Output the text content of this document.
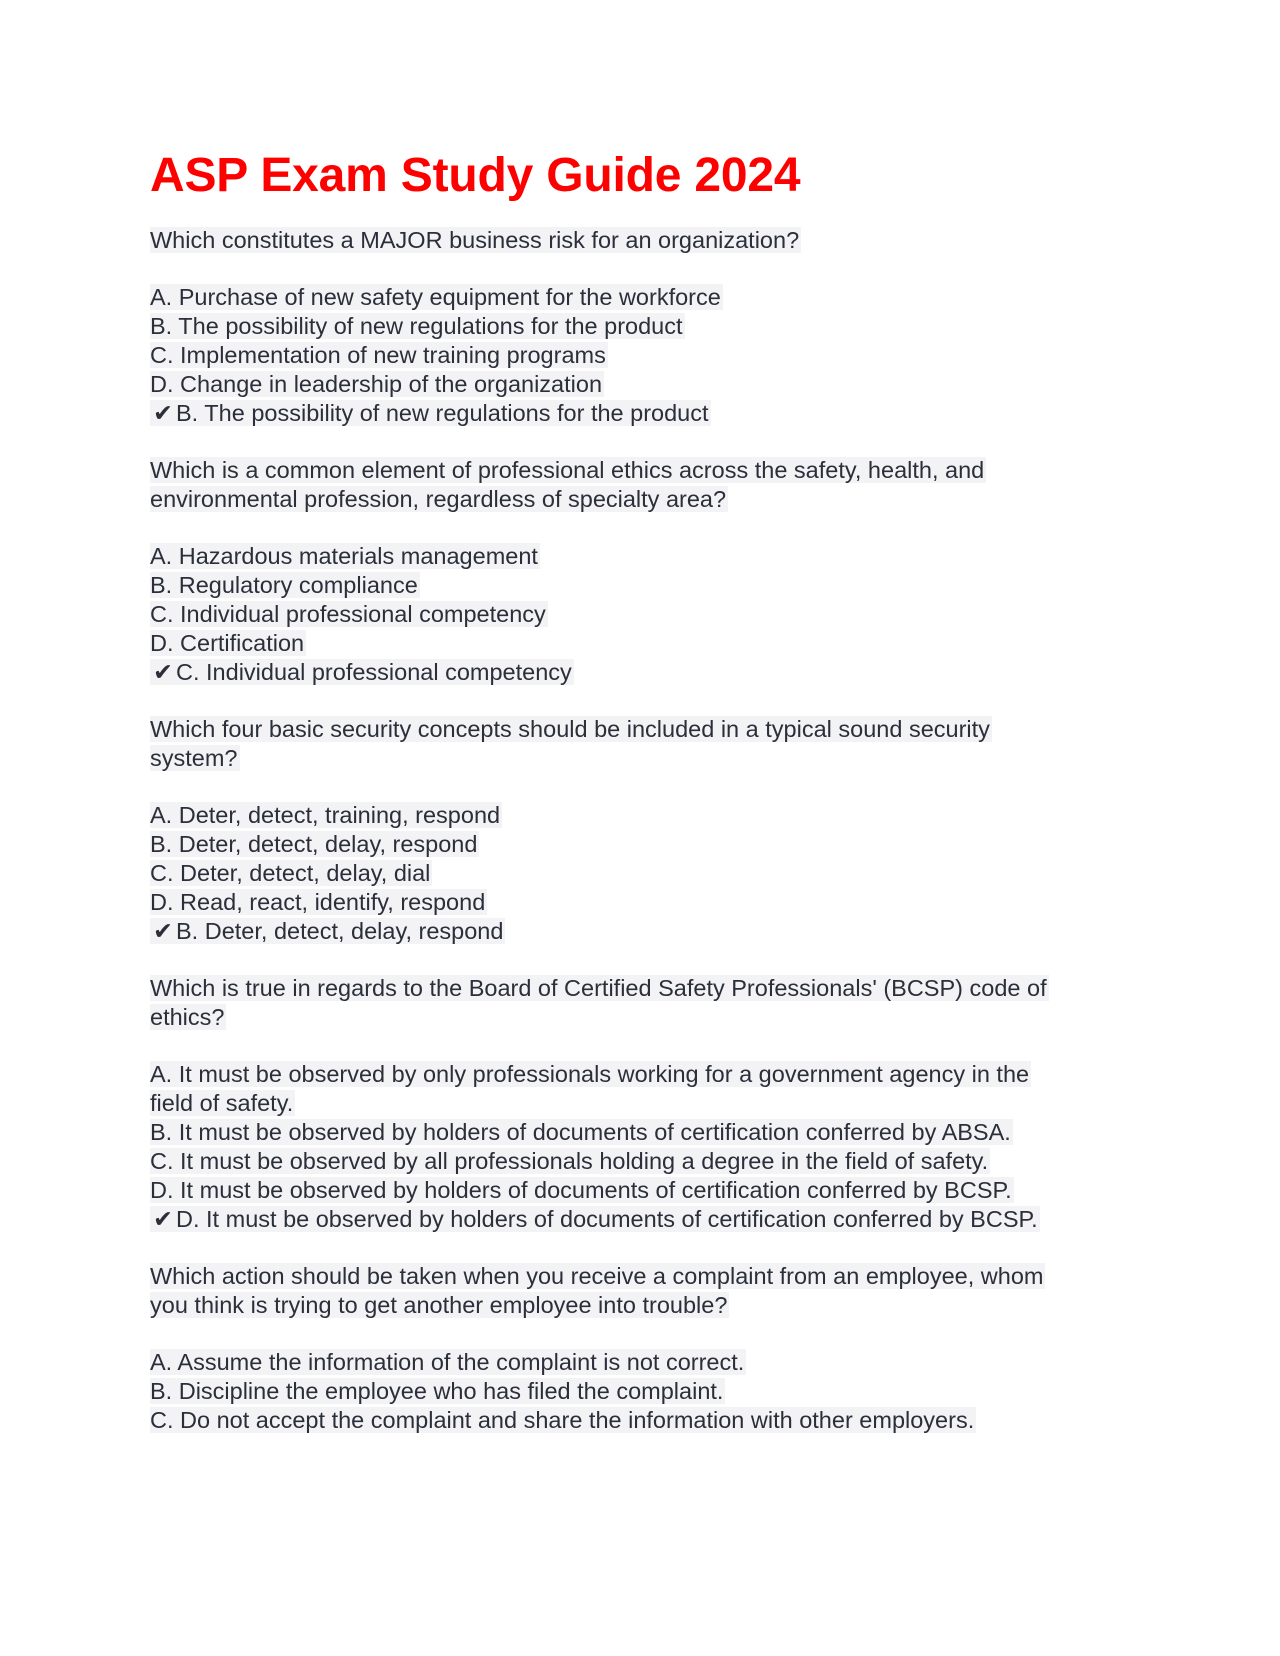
ASP Exam Study Guide 2024
Which constitutes a MAJOR business risk for an organization?
A. Purchase of new safety equipment for the workforce
B. The possibility of new regulations for the product
C. Implementation of new training programs
D. Change in leadership of the organization
✔ B. The possibility of new regulations for the product
Which is a common element of professional ethics across the safety, health, and
environmental profession, regardless of specialty area?
A. Hazardous materials management
B. Regulatory compliance
C. Individual professional competency
D. Certification
✔ C. Individual professional competency
Which four basic security concepts should be included in a typical sound security
system?
A. Deter, detect, training, respond
B. Deter, detect, delay, respond
C. Deter, detect, delay, dial
D. Read, react, identify, respond
✔ B. Deter, detect, delay, respond
Which is true in regards to the Board of Certified Safety Professionals' (BCSP) code of
ethics?
A. It must be observed by only professionals working for a government agency in the
field of safety.
B. It must be observed by holders of documents of certification conferred by ABSA.
C. It must be observed by all professionals holding a degree in the field of safety.
D. It must be observed by holders of documents of certification conferred by BCSP.
✔ D. It must be observed by holders of documents of certification conferred by BCSP.
Which action should be taken when you receive a complaint from an employee, whom
you think is trying to get another employee into trouble?
A. Assume the information of the complaint is not correct.
B. Discipline the employee who has filed the complaint.
C. Do not accept the complaint and share the information with other employers.
